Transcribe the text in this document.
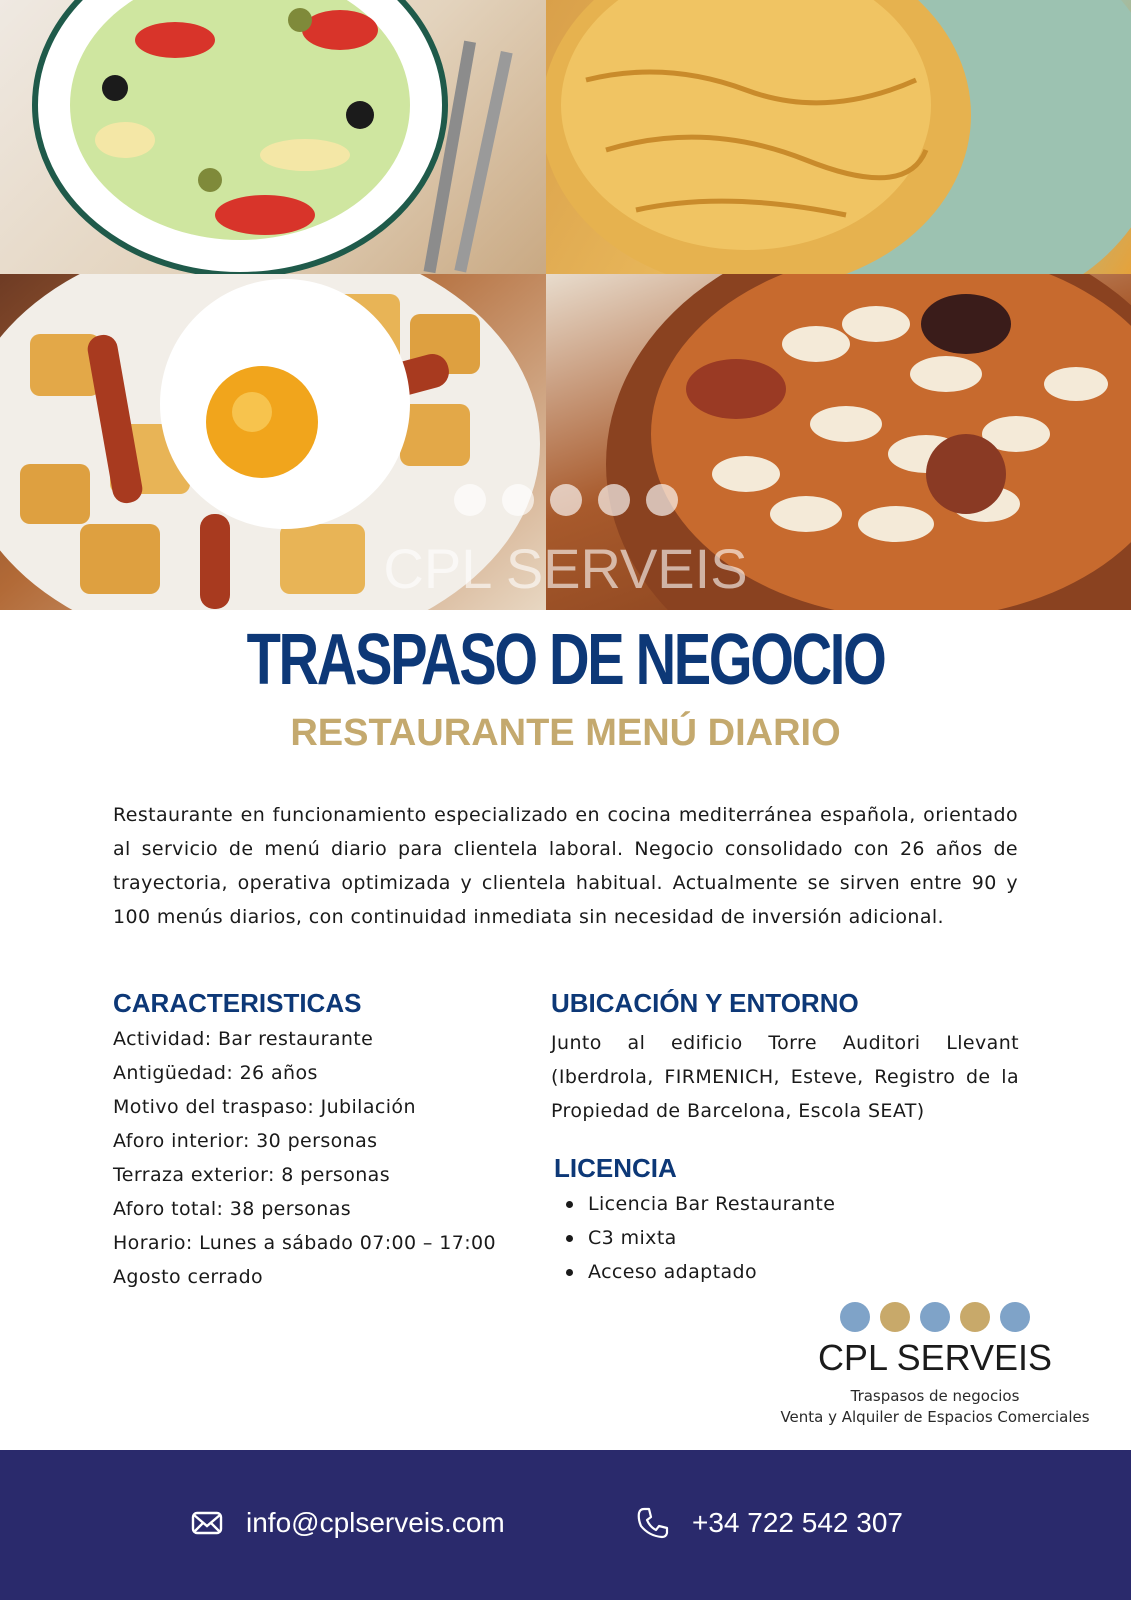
CPL SERVEIS
TRASPASO DE NEGOCIO
RESTAURANTE MENÚ DIARIO

Restaurante en funcionamiento especializado en cocina mediterránea española, orientado al servicio de menú diario para clientela laboral. Negocio consolidado con 26 años de trayectoria, operativa optimizada y clientela habitual. Actualmente se sirven entre 90 y 100 menús diarios, con continuidad inmediata sin necesidad de inversión adicional.

CARACTERISTICAS
Actividad: Bar restaurante
Antigüedad: 26 años
Motivo del traspaso: Jubilación
Aforo interior: 30 personas
Terraza exterior: 8 personas
Aforo total: 38 personas
Horario: Lunes a sábado 07:00 – 17:00
Agosto cerrado
UBICACIÓN Y ENTORNO

Junto al edificio Torre Auditori Llevant (Iberdrola, FIRMENICH, Esteve, Registro de la Propiedad de Barcelona, Escola SEAT)

LICENCIA
Licencia Bar Restaurante
C3 mixta
Acceso adaptado
CPL SERVEIS
Traspasos de negocios
Venta y Alquiler de Espacios Comerciales
info@cplserveis.com	+34 722 542 307
